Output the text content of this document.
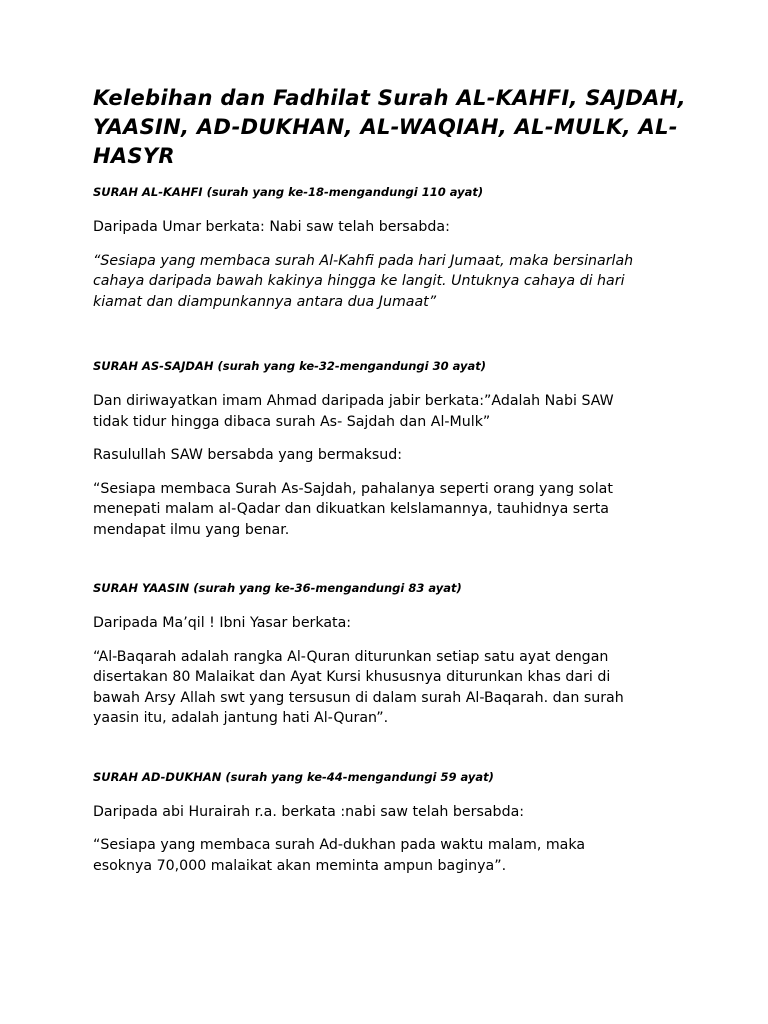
Kelebihan dan Fadhilat Surah AL-KAHFI, SAJDAH,
YAASIN, AD-DUKHAN, AL-WAQIAH, AL-MULK, AL-
HASYR

SURAH AL-KAHFI (surah yang ke-18-mengandungi 110 ayat)

Daripada Umar berkata: Nabi saw telah bersabda:

“Sesiapa yang membaca surah Al-Kahfi pada hari Jumaat, maka bersinarlah
cahaya daripada bawah kakinya hingga ke langit. Untuknya cahaya di hari
kiamat dan diampunkannya antara dua Jumaat”

SURAH AS-SAJDAH (surah yang ke-32-mengandungi 30 ayat)

Dan diriwayatkan imam Ahmad daripada jabir berkata:”Adalah Nabi SAW
tidak tidur hingga dibaca surah As- Sajdah dan Al-Mulk”

Rasulullah SAW bersabda yang bermaksud:

“Sesiapa membaca Surah As-Sajdah, pahalanya seperti orang yang solat
menepati malam al-Qadar dan dikuatkan kelslamannya, tauhidnya serta
mendapat ilmu yang benar.

SURAH YAASIN (surah yang ke-36-mengandungi 83 ayat)

Daripada Ma’qil ! Ibni Yasar berkata:

“Al-Baqarah adalah rangka Al-Quran diturunkan setiap satu ayat dengan
disertakan 80 Malaikat dan Ayat Kursi khususnya diturunkan khas dari di
bawah Arsy Allah swt yang tersusun di dalam surah Al-Baqarah. dan surah
yaasin itu, adalah jantung hati Al-Quran”.

SURAH AD-DUKHAN (surah yang ke-44-mengandungi 59 ayat)

Daripada abi Hurairah r.a. berkata :nabi saw telah bersabda:

“Sesiapa yang membaca surah Ad-dukhan pada waktu malam, maka
esoknya 70,000 malaikat akan meminta ampun baginya”.
